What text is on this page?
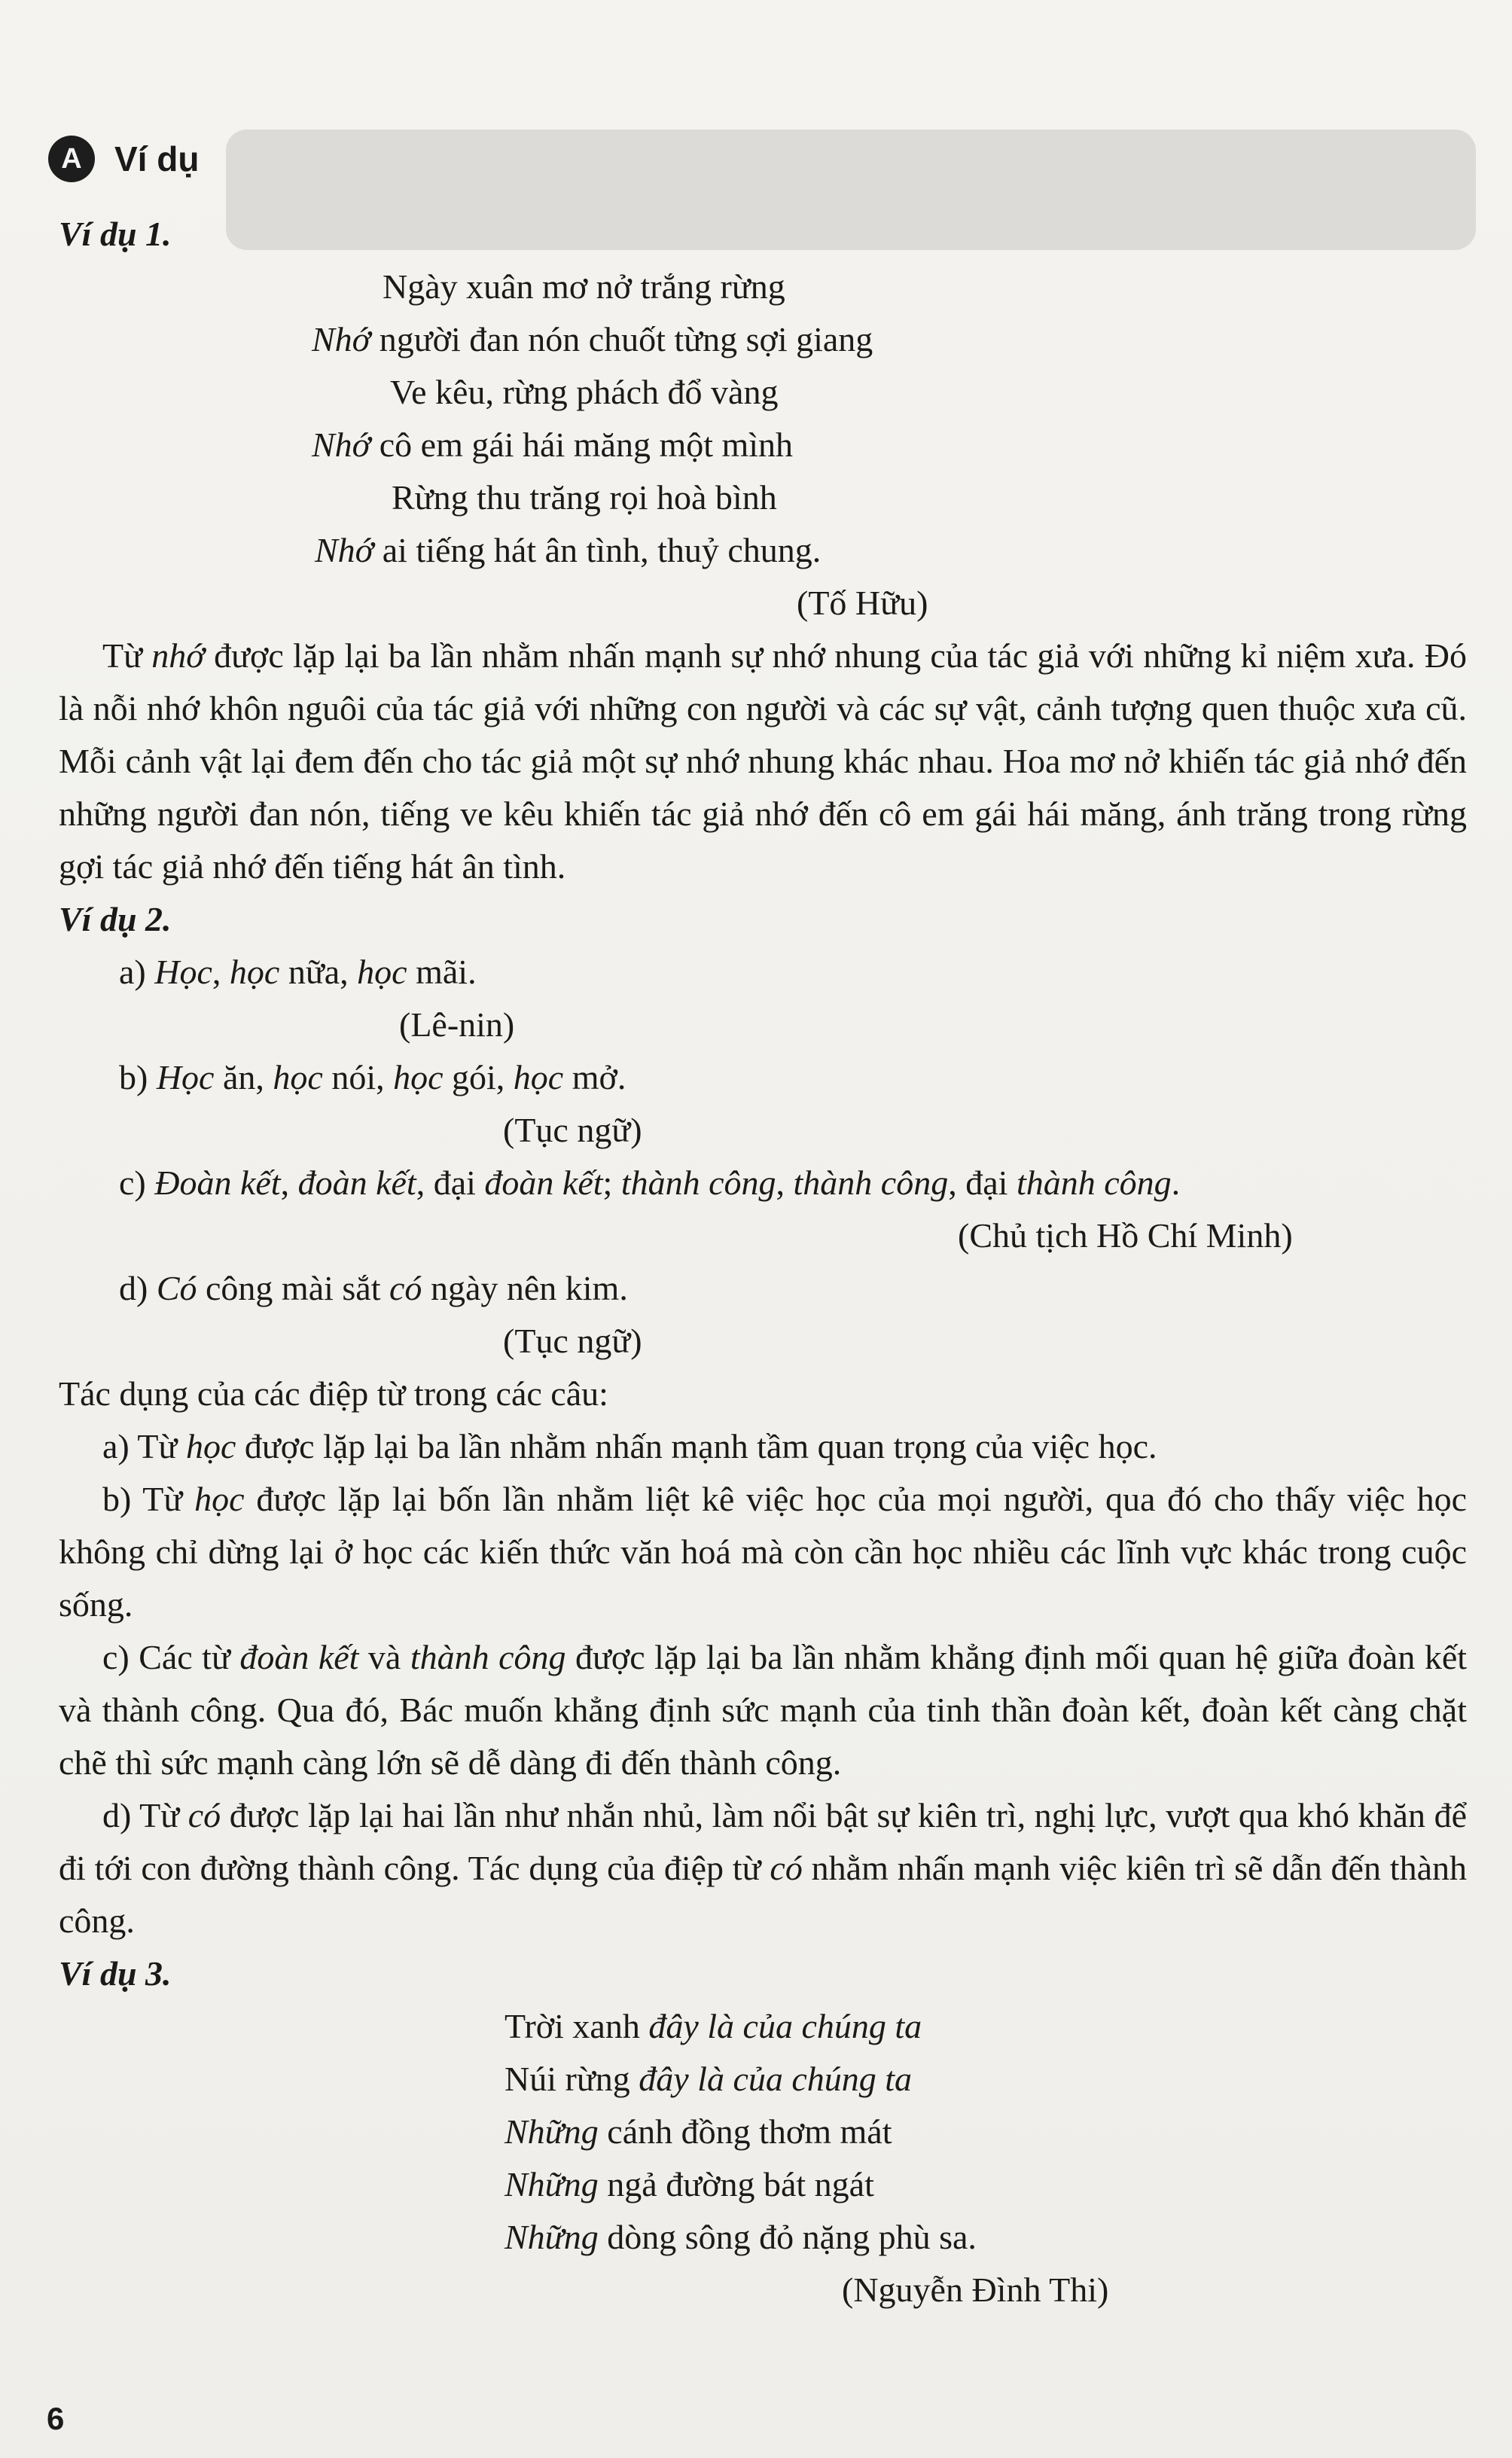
A Ví dụ
Ví dụ 1.
Ngày xuân mơ nở trắng rừng
Nhớ người đan nón chuốt từng sợi giang
Ve kêu, rừng phách đổ vàng
Nhớ cô em gái hái măng một mình
Rừng thu trăng rọi hoà bình
Nhớ ai tiếng hát ân tình, thuỷ chung.
(Tố Hữu)
Từ nhớ được lặp lại ba lần nhằm nhấn mạnh sự nhớ nhung của tác giả với những kỉ niệm xưa. Đó là nỗi nhớ khôn nguôi của tác giả với những con người và các sự vật, cảnh tượng quen thuộc xưa cũ. Mỗi cảnh vật lại đem đến cho tác giả một sự nhớ nhung khác nhau. Hoa mơ nở khiến tác giả nhớ đến những người đan nón, tiếng ve kêu khiến tác giả nhớ đến cô em gái hái măng, ánh trăng trong rừng gợi tác giả nhớ đến tiếng hát ân tình.
Ví dụ 2.
a) Học, học nữa, học mãi.
(Lê-nin)
b) Học ăn, học nói, học gói, học mở.
(Tục ngữ)
c) Đoàn kết, đoàn kết, đại đoàn kết; thành công, thành công, đại thành công.
(Chủ tịch Hồ Chí Minh)
d) Có công mài sắt có ngày nên kim.
(Tục ngữ)
Tác dụng của các điệp từ trong các câu:
a) Từ học được lặp lại ba lần nhằm nhấn mạnh tầm quan trọng của việc học.
b) Từ học được lặp lại bốn lần nhằm liệt kê việc học của mọi người, qua đó cho thấy việc học không chỉ dừng lại ở học các kiến thức văn hoá mà còn cần học nhiều các lĩnh vực khác trong cuộc sống.
c) Các từ đoàn kết và thành công được lặp lại ba lần nhằm khẳng định mối quan hệ giữa đoàn kết và thành công. Qua đó, Bác muốn khẳng định sức mạnh của tinh thần đoàn kết, đoàn kết càng chặt chẽ thì sức mạnh càng lớn sẽ dễ dàng đi đến thành công.
d) Từ có được lặp lại hai lần như nhắn nhủ, làm nổi bật sự kiên trì, nghị lực, vượt qua khó khăn để đi tới con đường thành công. Tác dụng của điệp từ có nhằm nhấn mạnh việc kiên trì sẽ dẫn đến thành công.
Ví dụ 3.
Trời xanh đây là của chúng ta
Núi rừng đây là của chúng ta
Những cánh đồng thơm mát
Những ngả đường bát ngát
Những dòng sông đỏ nặng phù sa.
(Nguyễn Đình Thi)
6
